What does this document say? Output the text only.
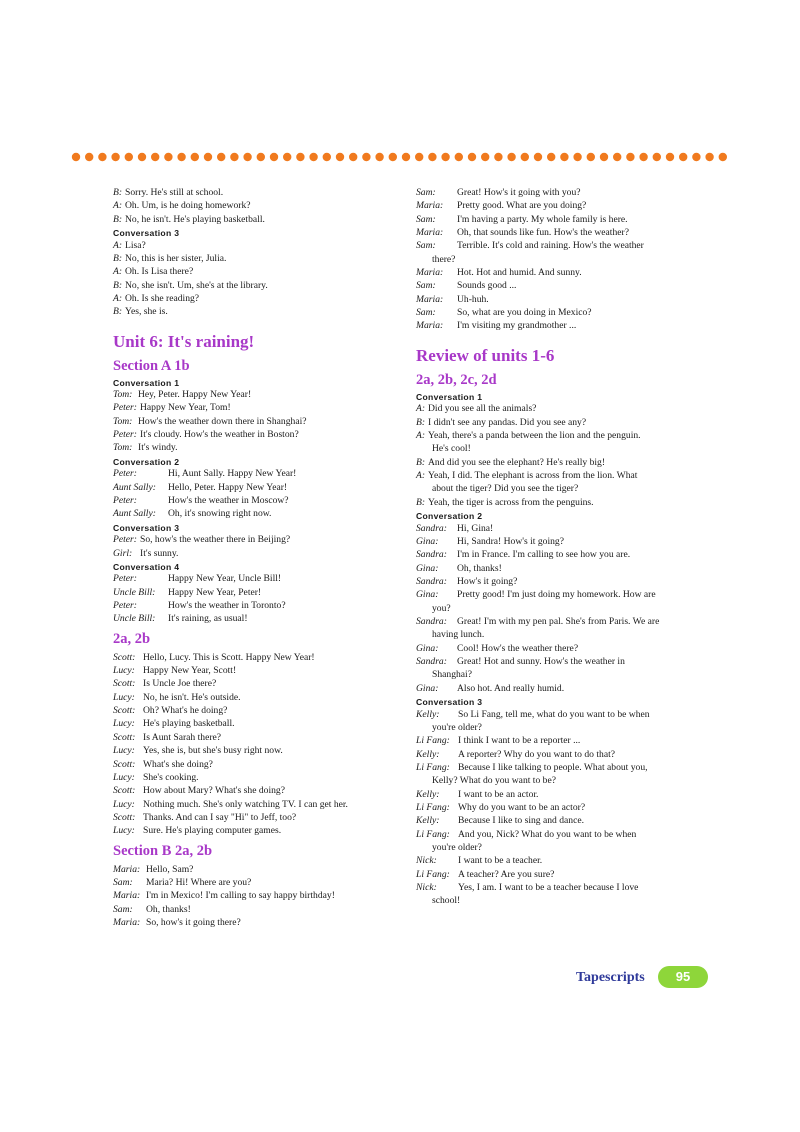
B: Sorry. He's still at school.
A: Oh. Um, is he doing homework?
B: No, he isn't. He's playing basketball.
Conversation 3
A: Lisa?
B: No, this is her sister, Julia.
A: Oh. Is Lisa there?
B: No, she isn't. Um, she's at the library.
A: Oh. Is she reading?
B: Yes, she is.
Unit 6: It's raining!
Section A 1b
Conversation 1
Tom: Hey, Peter. Happy New Year!
Peter: Happy New Year, Tom!
Tom: How's the weather down there in Shanghai?
Peter: It's cloudy. How's the weather in Boston?
Tom: It's windy.
Conversation 2
Peter:	Hi, Aunt Sally. Happy New Year!
Aunt Sally:	Hello, Peter. Happy New Year!
Peter:	How's the weather in Moscow?
Aunt Sally:	Oh, it's snowing right now.
Conversation 3
Peter: So, how's the weather there in Beijing?
Girl: It's sunny.
Conversation 4
Peter:	Happy New Year, Uncle Bill!
Uncle Bill:	Happy New Year, Peter!
Peter:	How's the weather in Toronto?
Uncle Bill:	It's raining, as usual!
2a, 2b
Scott: Hello, Lucy. This is Scott. Happy New Year!
Lucy: Happy New Year, Scott!
Scott: Is Uncle Joe there?
Lucy: No, he isn't. He's outside.
Scott: Oh? What's he doing?
Lucy: He's playing basketball.
Scott: Is Aunt Sarah there?
Lucy: Yes, she is, but she's busy right now.
Scott: What's she doing?
Lucy: She's cooking.
Scott: How about Mary? What's she doing?
Lucy: Nothing much. She's only watching TV. I can get her.
Scott: Thanks. And can I say "Hi" to Jeff, too?
Lucy: Sure. He's playing computer games.
Section B 2a, 2b
Maria: Hello, Sam?
Sam:	Maria? Hi! Where are you?
Maria: I'm in Mexico! I'm calling to say happy birthday!
Sam:	Oh, thanks!
Maria: So, how's it going there?
Sam:	Great! How's it going with you?
Maria:	Pretty good. What are you doing?
Sam:	I'm having a party. My whole family is here.
Maria:	Oh, that sounds like fun. How's the weather?
Sam:	Terrible. It's cold and raining. How's the weather
there?
Maria:	Hot. Hot and humid. And sunny.
Sam:	Sounds good ...
Maria:	Uh-huh.
Sam:	So, what are you doing in Mexico?
Maria:	I'm visiting my grandmother ...
Review of units 1-6
2a, 2b, 2c, 2d
Conversation 1
A: Did you see all the animals?
B: I didn't see any pandas. Did you see any?
A: Yeah, there's a panda between the lion and the penguin.
He's cool!
B: And did you see the elephant? He's really big!
A: Yeah, I did. The elephant is across from the lion. What
about the tiger? Did you see the tiger?
B: Yeah, the tiger is across from the penguins.
Conversation 2
Sandra:	Hi, Gina!
Gina:	Hi, Sandra! How's it going?
Sandra:	I'm in France. I'm calling to see how you are.
Gina:	Oh, thanks!
Sandra:	How's it going?
Gina:	Pretty good! I'm just doing my homework. How are
you?
Sandra:	Great! I'm with my pen pal. She's from Paris. We are
having lunch.
Gina:	Cool! How's the weather there?
Sandra:	Great! Hot and sunny. How's the weather in
Shanghai?
Gina:	Also hot. And really humid.
Conversation 3
Kelly:	So Li Fang, tell me, what do you want to be when
you're older?
Li Fang: I think I want to be a reporter ...
Kelly:	A reporter? Why do you want to do that?
Li Fang: Because I like talking to people. What about you,
Kelly? What do you want to be?
Kelly:	I want to be an actor.
Li Fang: Why do you want to be an actor?
Kelly:	Because I like to sing and dance.
Li Fang: And you, Nick? What do you want to be when
you're older?
Nick:	I want to be a teacher.
Li Fang: A teacher? Are you sure?
Nick:	Yes, I am. I want to be a teacher because I love
school!
Tapescripts	95
